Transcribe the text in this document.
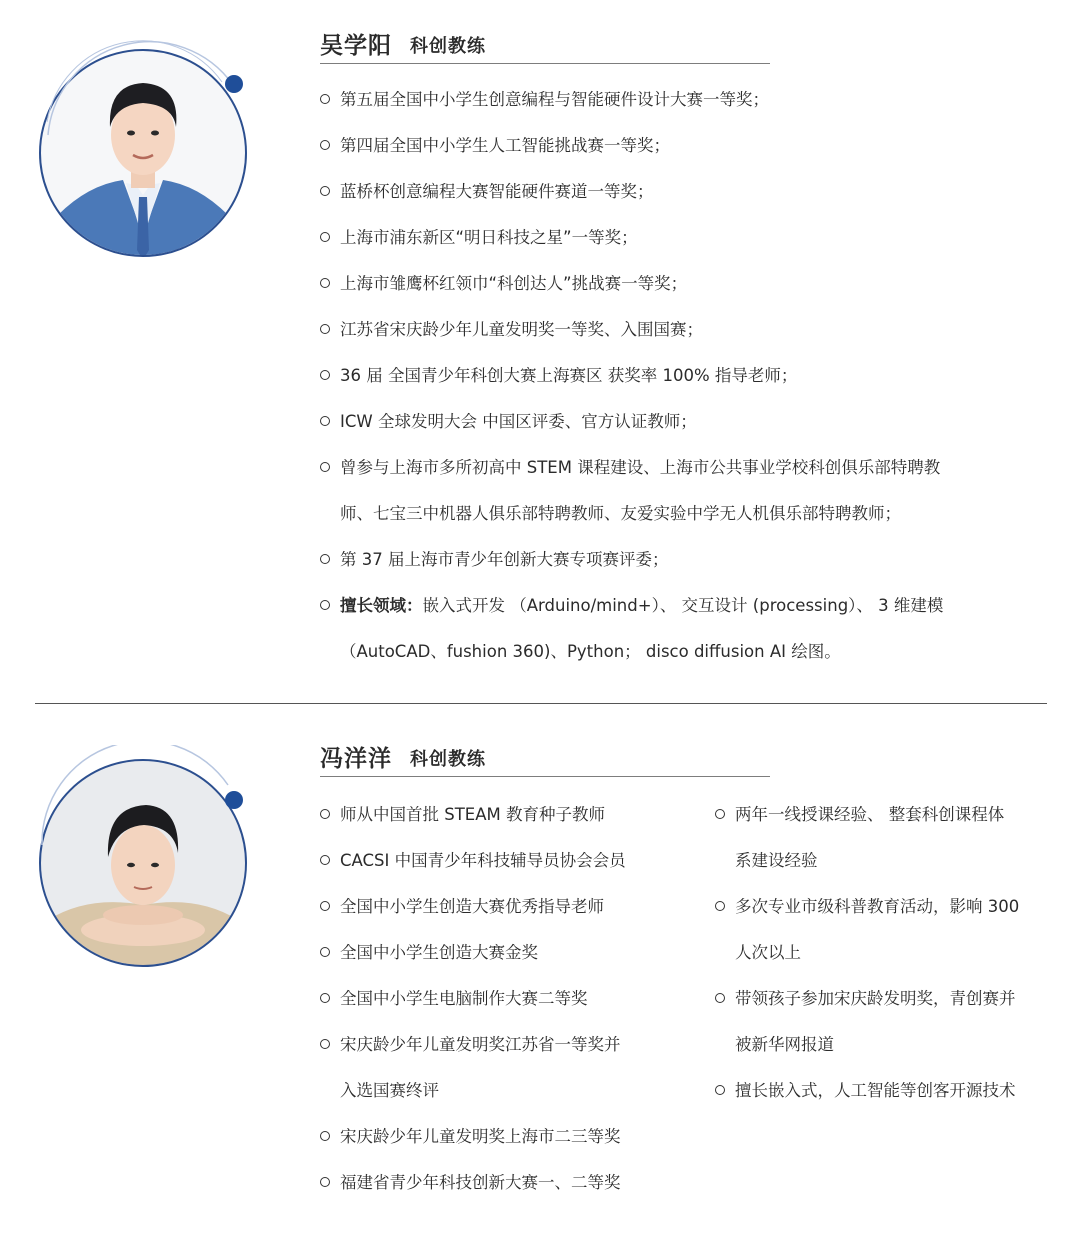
吴学阳 科创教练
第五届全国中小学生创意编程与智能硬件设计大赛一等奖；
第四届全国中小学生人工智能挑战赛一等奖；
蓝桥杯创意编程大赛智能硬件赛道一等奖；
上海市浦东新区“明日科技之星”一等奖；
上海市雏鹰杯红领巾“科创达人”挑战赛一等奖；
江苏省宋庆龄少年儿童发明奖一等奖、入围国赛；
36 届 全国青少年科创大赛上海赛区 获奖率 100% 指导老师；
ICW 全球发明大会 中国区评委、官方认证教师；
曾参与上海市多所初高中 STEM 课程建设、上海市公共事业学校科创俱乐部特聘教
师、七宝三中机器人俱乐部特聘教师、友爱实验中学无人机俱乐部特聘教师；
第 37 届上海市青少年创新大赛专项赛评委；
擅长领域：嵌入式开发 （Arduino/mind+）、 交互设计 (processing）、 3 维建模
（AutoCAD、fushion 360)、Python； disco diffusion AI 绘图。
冯洋洋 科创教练
师从中国首批 STEAM 教育种子教师
CACSI 中国青少年科技辅导员协会会员
全国中小学生创造大赛优秀指导老师
全国中小学生创造大赛金奖
全国中小学生电脑制作大赛二等奖
宋庆龄少年儿童发明奖江苏省一等奖并
入选国赛终评
宋庆龄少年儿童发明奖上海市二三等奖
福建省青少年科技创新大赛一、二等奖
两年一线授课经验、 整套科创课程体
系建设经验
多次专业市级科普教育活动，影响 300
人次以上
带领孩子参加宋庆龄发明奖，青创赛并
被新华网报道
擅长嵌入式，人工智能等创客开源技术
